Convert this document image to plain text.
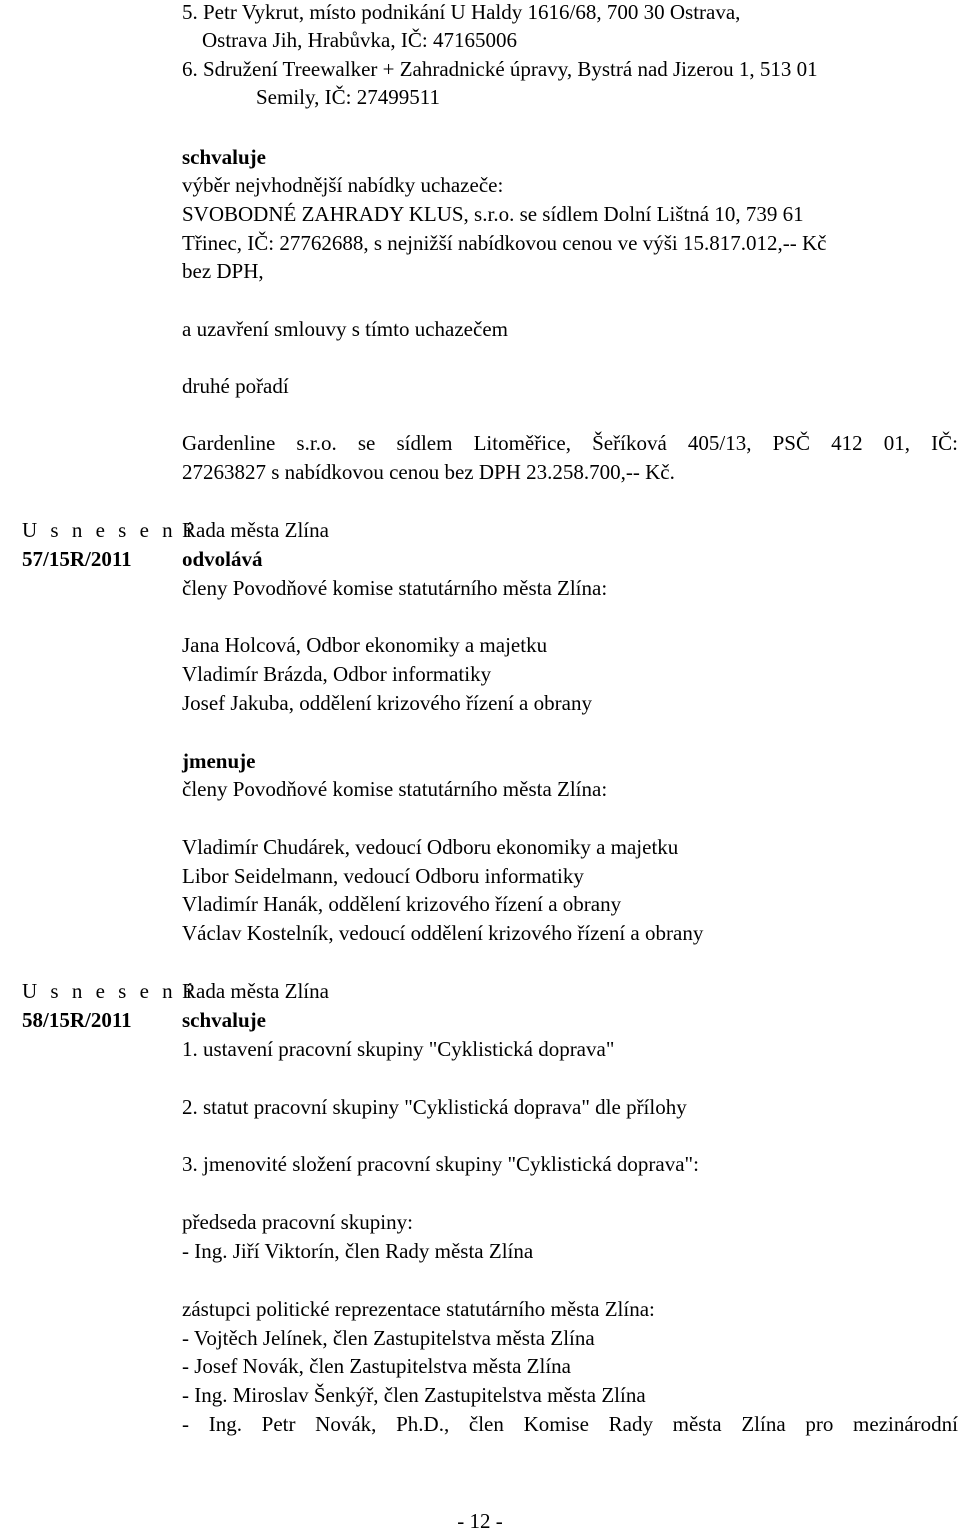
5. Petr Vykrut, místo podnikání U Haldy 1616/68, 700 30 Ostrava,
Ostrava Jih, Hrabůvka, IČ: 47165006
6. Sdružení Treewalker + Zahradnické úpravy, Bystrá nad Jizerou 1, 513 01
Semily, IČ: 27499511
schvaluje
výběr nejvhodnější nabídky uchazeče:
SVOBODNÉ ZAHRADY KLUS, s.r.o. se sídlem Dolní Lištná 10, 739 61
Třinec, IČ: 27762688, s nejnižší nabídkovou cenou ve výši 15.817.012,-- Kč
bez DPH,
a uzavření smlouvy s tímto uchazečem
druhé pořadí
Gardenline s.r.o. se sídlem Litoměřice, Šeříková 405/13, PSČ 412 01, IČ:
27263827 s nabídkovou cenou bez DPH 23.258.700,-- Kč.
U s n e s e n í
57/15R/2011
Rada města Zlína
odvolává
členy Povodňové komise statutárního města Zlína:
Jana Holcová, Odbor ekonomiky a majetku
Vladimír Brázda, Odbor informatiky
Josef Jakuba, oddělení krizového řízení a obrany
jmenuje
členy Povodňové komise statutárního města Zlína:
Vladimír Chudárek, vedoucí Odboru ekonomiky a majetku
Libor Seidelmann, vedoucí Odboru informatiky
Vladimír Hanák, oddělení krizového řízení a obrany
Václav Kostelník, vedoucí oddělení krizového řízení a obrany
U s n e s e n í
58/15R/2011
Rada města Zlína
schvaluje
1. ustavení pracovní skupiny "Cyklistická doprava"
2. statut pracovní skupiny "Cyklistická doprava" dle přílohy
3. jmenovité složení pracovní skupiny "Cyklistická doprava":
předseda pracovní skupiny:
- Ing. Jiří Viktorín, člen Rady města Zlína
zástupci politické reprezentace statutárního města Zlína:
- Vojtěch Jelínek, člen Zastupitelstva města Zlína
- Josef Novák, člen Zastupitelstva města Zlína
- Ing. Miroslav Šenkýř, člen Zastupitelstva města Zlína
- Ing. Petr Novák, Ph.D., člen Komise Rady města Zlína pro mezinárodní
- 12 -
